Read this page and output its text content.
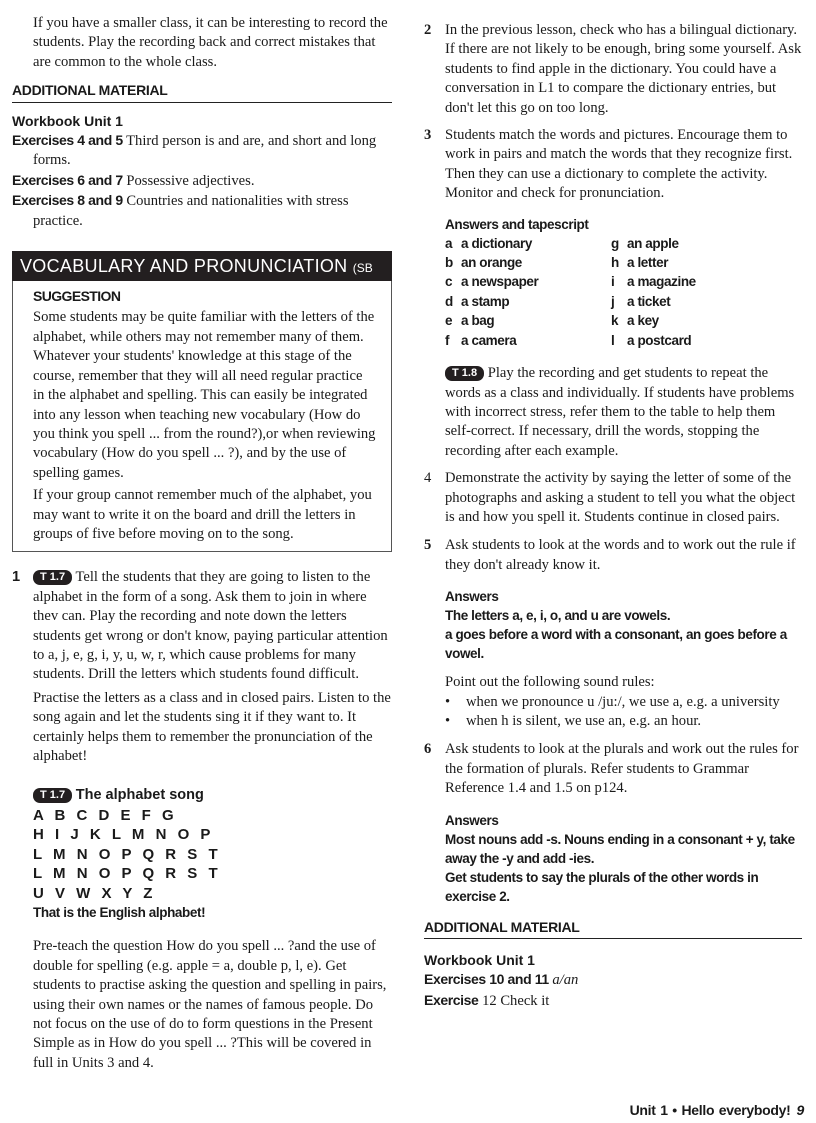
If you have a smaller class, it can be interesting to record the students. Play the recording back and correct mistakes that are common to the whole class.

ADDITIONAL MATERIAL
Workbook Unit 1

Exercises 4 and 5 Third person is and are, and short and long forms.

Exercises 6 and 7 Possessive adjectives.

Exercises 8 and 9 Countries and nationalities with stress practice.

VOCABULARY AND PRONUNCIATION (SB p10)
SUGGESTION

Some students may be quite familiar with the letters of the alphabet, while others may not remember many of them. Whatever your students' knowledge at this stage of the course, remember that they will all need regular practice in the alphabet and spelling. This can easily be integrated into any lesson when teaching new vocabulary (How do you think you spell ... from the round?),or when reviewing vocabulary (How do you spell ... ?), and by the use of spelling games.

If your group cannot remember much of the alphabet, you may want to write it on the board and drill the letters in groups of five before moving on to the song.

1 T 1.7 Tell the students that they are going to listen to the alphabet in the form of a song. Ask them to join in where thev can. Play the recording and note down the letters students get wrong or don't know, paying particular attention to a, j, e, g, i, y, u, w, r, which cause problems for many students. Drill the letters which students found difficult.

Practise the letters as a class and in closed pairs. Listen to the song again and let the students sing it if they want to. It certainly helps them to remember the pronunciation of the alphabet!

T 1.7 The alphabet song
A B C D E F G
H I J K L M N O P
L M N O P Q R S T
L M N O P Q R S T
U V W X Y Z
That is the English alphabet!

Pre-teach the question How do you spell ... ?and the use of double for spelling (e.g. apple = a, double p, l, e). Get students to practise asking the question and spelling in pairs, using their own names or the names of famous people. Do not focus on the use of do to form questions in the Present Simple as in How do you spell ... ?This will be covered in full in Units 3 and 4.

2 In the previous lesson, check who has a bilingual dictionary. If there are not likely to be enough, bring some yourself. Ask students to find apple in the dictionary. You could have a conversation in L1 to compare the dictionary entries, but don't let this go on too long.

3 Students match the words and pictures. Encourage them to work in pairs and match the words that they recognize first. Then they can use a dictionary to complete the activity. Monitor and check for pronunciation.

Answers and tapescript
a a dictionary	g an apple
b an orange	h a letter
c a newspaper	i a magazine
d a stamp	j a ticket
e a bag	k a key
f a camera	l a postcard

T 1.8 Play the recording and get students to repeat the words as a class and individually. If students have problems with incorrect stress, refer them to the table to help them self-correct. If necessary, drill the words, stopping the recording after each example.

4 Demonstrate the activity by saying the letter of some of the photographs and asking a student to tell you what the object is and how you spell it. Students continue in closed pairs.

5 Ask students to look at the words and to work out the rule if they don't already know it.

Answers
The letters a, e, i, o, and u are vowels.
a goes before a word with a consonant, an goes before a vowel.

Point out the following sound rules:

• when we pronounce u /ju:/, we use a, e.g. a university
• when h is silent, we use an, e.g. an hour.

6 Ask students to look at the plurals and work out the rules for the formation of plurals. Refer students to Grammar Reference 1.4 and 1.5 on p124.

Answers
Most nouns add -s. Nouns ending in a consonant + y, take away the -y and add -ies.
Get students to say the plurals of the other words in exercise 2.
ADDITIONAL MATERIAL
Workbook Unit 1

Exercises 10 and 11 a/an

Exercise 12 Check it

Unit 1 • Hello everybody! 9
